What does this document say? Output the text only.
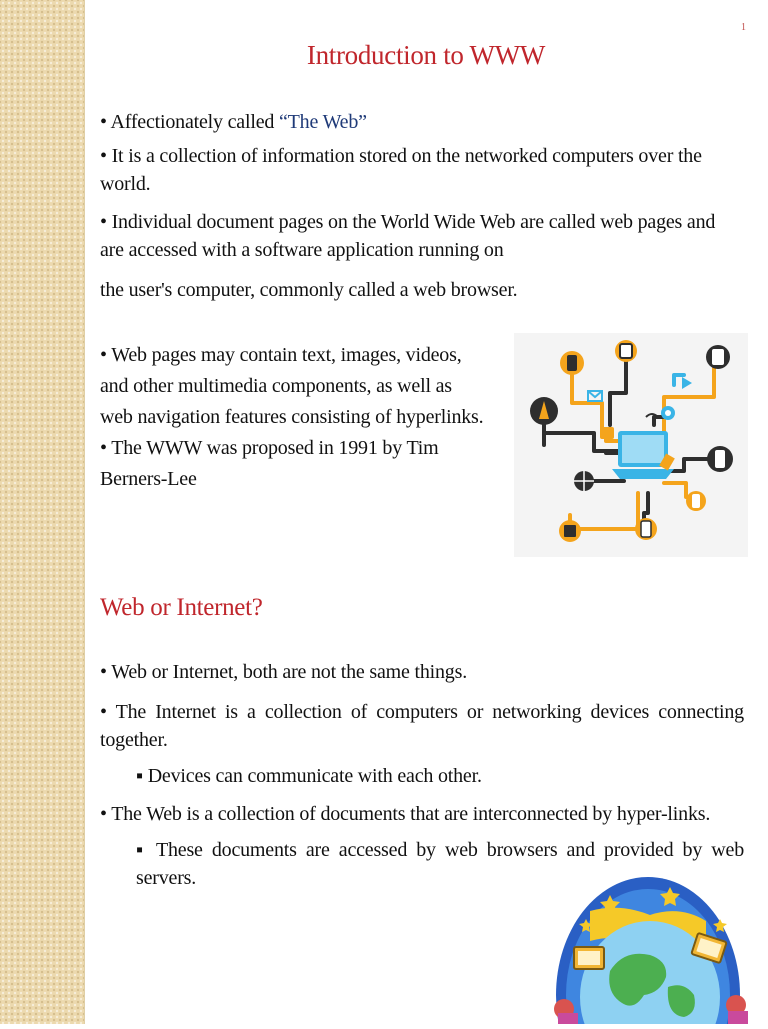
1
Introduction to WWW

• Affectionately called “The Web”

• It is a collection of information stored on the networked computers over the

world.

• Individual document pages on the World Wide Web are called web pages and

are accessed with a software application running on

the user's computer, commonly called a web browser.

• Web pages may contain text, images, videos,

and other multimedia components, as well as

web navigation features consisting of hyperlinks.

• The WWW was proposed in 1991 by Tim

Berners-Lee

Web or Internet?

• Web or Internet, both are not the same things.

• The Internet is a collection of computers or networking devices connecting together.

▪ Devices can communicate with each other.

• The Web is a collection of documents that are interconnected by hyper-links.

▪ These documents are accessed by web browsers and provided by web servers.
